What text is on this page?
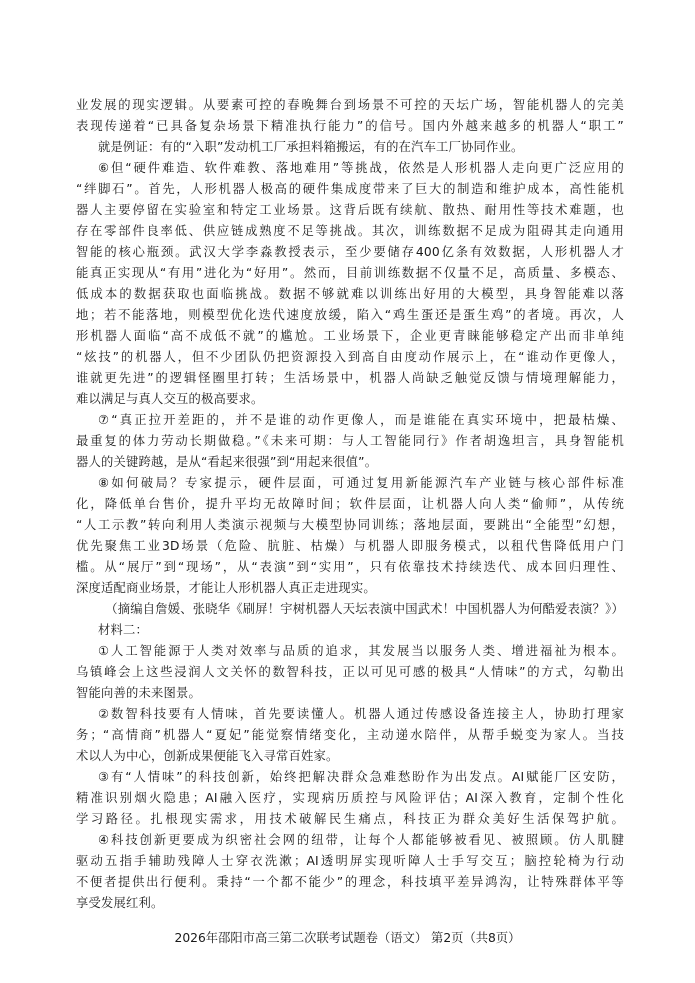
业发展的现实逻辑。从要素可控的春晚舞台到场景不可控的天坛广场，智能机器人的完美
表现传递着“已具备复杂场景下精准执行能力”的信号。国内外越来越多的机器人“职工”
就是例证：有的“入职”发动机工厂承担料箱搬运，有的在汽车工厂协同作业。
⑥但“硬件难造、软件难教、落地难用”等挑战，依然是人形机器人走向更广泛应用的
“绊脚石”。首先，人形机器人极高的硬件集成度带来了巨大的制造和维护成本，高性能机
器人主要停留在实验室和特定工业场景。这背后既有续航、散热、耐用性等技术难题，也
存在零部件良率低、供应链成熟度不足等挑战。其次，训练数据不足成为阻碍其走向通用
智能的核心瓶颈。武汉大学李淼教授表示，至少要储存400亿条有效数据，人形机器人才
能真正实现从“有用”进化为“好用”。然而，目前训练数据不仅量不足，高质量、多模态、
低成本的数据获取也面临挑战。数据不够就难以训练出好用的大模型，具身智能难以落
地；若不能落地，则模型优化迭代速度放缓，陷入“鸡生蛋还是蛋生鸡”的者境。再次，人
形机器人面临“高不成低不就”的尴尬。工业场景下，企业更青睐能够稳定产出而非单纯
“炫技”的机器人，但不少团队仍把资源投入到高自由度动作展示上，在“谁动作更像人，
谁就更先进”的逻辑怪圈里打转；生活场景中，机器人尚缺乏触觉反馈与情境理解能力，
难以满足与真人交互的极高要求。
⑦“真正拉开差距的，并不是谁的动作更像人，而是谁能在真实环境中，把最枯燥、
最重复的体力劳动长期做稳。”《未来可期：与人工智能同行》作者胡逸坦言，具身智能机
器人的关键跨越，是从“看起来很强”到“用起来很值”。
⑧如何破局？专家提示，硬件层面，可通过复用新能源汽车产业链与核心部件标准
化，降低单台售价，提升平均无故障时间；软件层面，让机器人向人类“偷师”，从传统
“人工示教”转向利用人类演示视频与大模型协同训练；落地层面，要跳出“全能型”幻想，
优先聚焦工业3D场景（危险、肮脏、枯燥）与机器人即服务模式，以租代售降低用户门
槛。从“展厅”到“现场”，从“表演”到“实用”，只有依靠技术持续迭代、成本回归理性、
深度适配商业场景，才能让人形机器人真正走进现实。
（摘编自詹媛、张晓华《刷屏！宇树机器人天坛表演中国武术！中国机器人为何酷爱表演？》）
材料二：
①人工智能源于人类对效率与品质的追求，其发展当以服务人类、增进福祉为根本。
乌镇峰会上这些浸润人文关怀的数智科技，正以可见可感的极具“人情味”的方式，勾勒出
智能向善的未来图景。
②数智科技要有人情味，首先要读懂人。机器人通过传感设备连接主人，协助打理家
务；“高情商”机器人“夏妃”能觉察情绪变化，主动递水陪伴，从帮手蜕变为家人。当技
术以人为中心，创新成果便能飞入寻常百姓家。
③有“人情味”的科技创新，始终把解决群众急难愁盼作为出发点。AI赋能厂区安防，
精准识别烟火隐患；AI融入医疗，实现病历质控与风险评估；AI深入教育，定制个性化
学习路径。扎根现实需求，用技术破解民生痛点，科技正为群众美好生活保驾护航。
④科技创新更要成为织密社会网的纽带，让每个人都能够被看见、被照顾。仿人肌腱
驱动五指手辅助残障人士穿衣洗漱；AI透明屏实现听障人士手写交互；脑控轮椅为行动
不便者提供出行便利。秉持“一个都不能少”的理念，科技填平差异鸿沟，让特殊群体平等
享受发展红利。
2026年邵阳市高三第二次联考试题卷（语文） 第2页（共8页）
